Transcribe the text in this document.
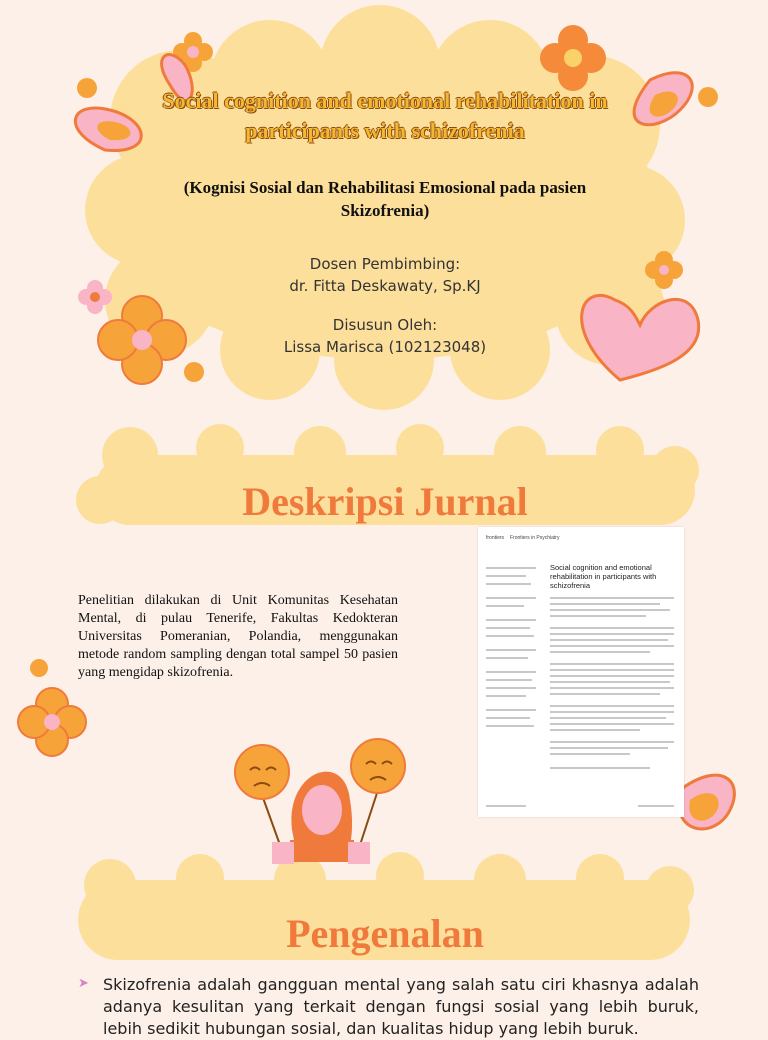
Social cognition and emotional rehabilitation in participants with schizofrenia
(Kognisi Sosial dan Rehabilitasi Emosional pada pasien Skizofrenia)
Dosen Pembimbing:
dr. Fitta Deskawaty, Sp.KJ
Disusun Oleh:
Lissa Marisca (102123048)
Deskripsi Jurnal
Penelitian dilakukan di Unit Komunitas Kesehatan Mental, di pulau Tenerife, Fakultas Kedokteran Universitas Pomeranian, Polandia, menggunakan metode random sampling dengan total sampel 50 pasien yang mengidap skizofrenia.
frontiers Frontiers in Psychiatry
Social cognition and emotional rehabilitation in participants with schizofrenia
Pengenalan
➤ Skizofrenia adalah gangguan mental yang salah satu ciri khasnya adalah adanya kesulitan yang terkait dengan fungsi sosial yang lebih buruk, lebih sedikit hubungan sosial, dan kualitas hidup yang lebih buruk.
